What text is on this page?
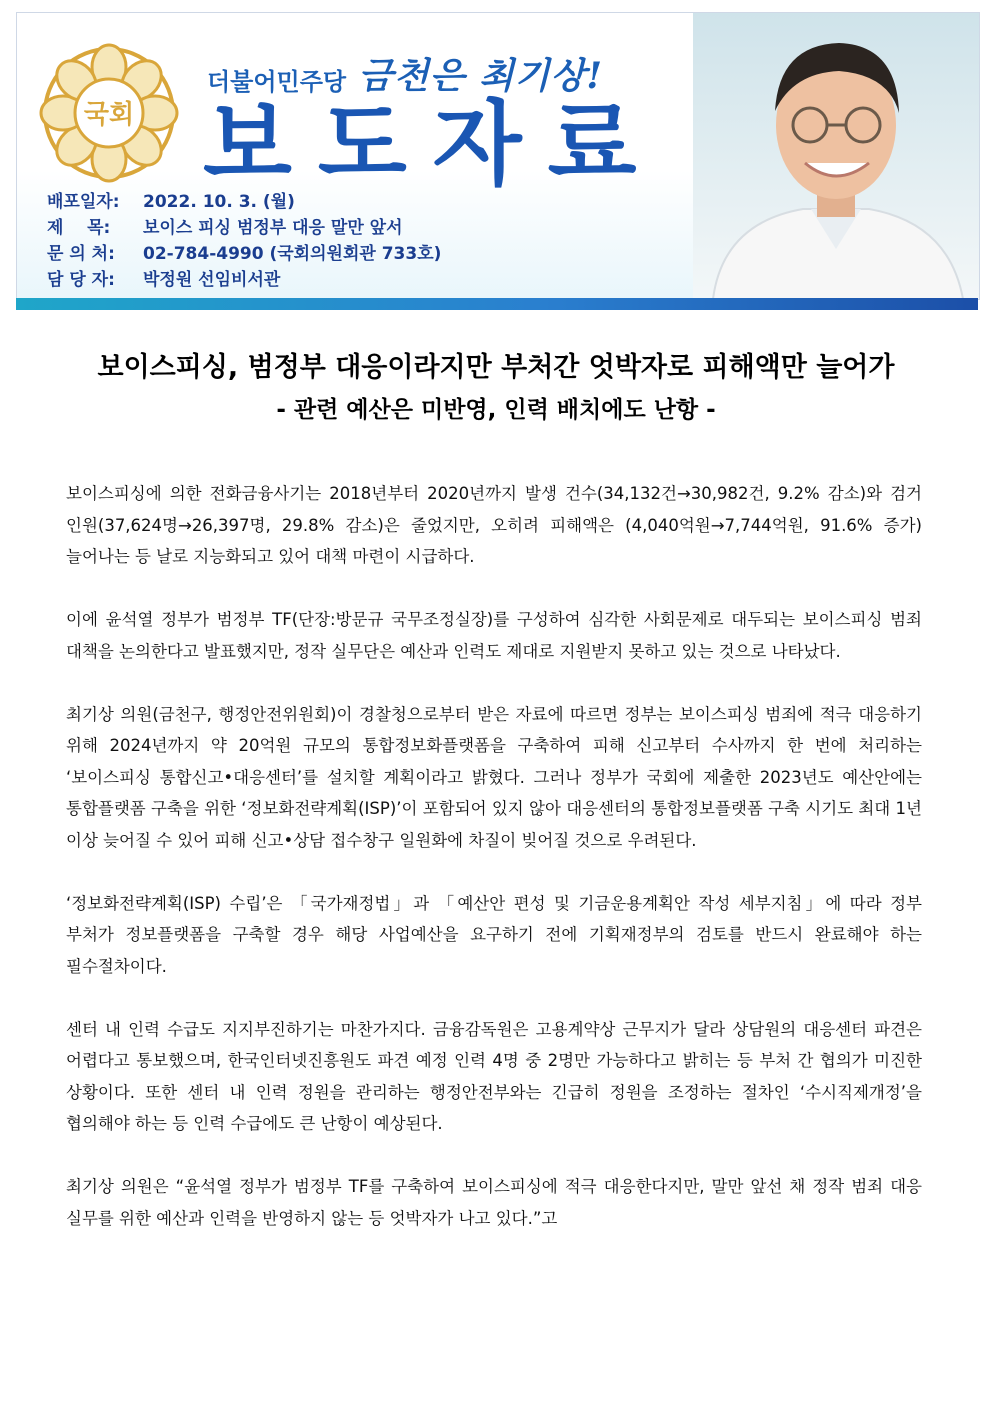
국회
더불어민주당 금천은 최기상!
보도자료
배포일자:	2022. 10. 3. (월)
제    목:	보이스 피싱 범정부 대응 말만 앞서
문 의 처:	02-784-4990 (국회의원회관 733호)
담 당 자:	박정원 선임비서관
보이스피싱, 범정부 대응이라지만 부처간 엇박자로 피해액만 늘어가
- 관련 예산은 미반영, 인력 배치에도 난항 -

보이스피싱에 의한 전화금융사기는 2018년부터 2020년까지 발생 건수(34,132건→30,982건, 9.2% 감소)와 검거 인원(37,624명→26,397명, 29.8% 감소)은 줄었지만, 오히려 피해액은 (4,040억원→7,744억원, 91.6% 증가) 늘어나는 등 날로 지능화되고 있어 대책 마련이 시급하다.

이에 윤석열 정부가 범정부 TF(단장:방문규 국무조정실장)를 구성하여 심각한 사회문제로 대두되는 보이스피싱 범죄 대책을 논의한다고 발표했지만, 정작 실무단은 예산과 인력도 제대로 지원받지 못하고 있는 것으로 나타났다.

최기상 의원(금천구, 행정안전위원회)이 경찰청으로부터 받은 자료에 따르면 정부는 보이스피싱 범죄에 적극 대응하기 위해 2024년까지 약 20억원 규모의 통합정보화플랫폼을 구축하여 피해 신고부터 수사까지 한 번에 처리하는 ‘보이스피싱 통합신고•대응센터’를 설치할 계획이라고 밝혔다. 그러나 정부가 국회에 제출한 2023년도 예산안에는 통합플랫폼 구축을 위한 ‘정보화전략계획(ISP)’이 포함되어 있지 않아 대응센터의 통합정보플랫폼 구축 시기도 최대 1년 이상 늦어질 수 있어 피해 신고•상담 접수창구 일원화에 차질이 빚어질 것으로 우려된다.

‘정보화전략계획(ISP) 수립’은 「국가재정법」과 「예산안 편성 및 기금운용계획안 작성 세부지침」에 따라 정부 부처가 정보플랫폼을 구축할 경우 해당 사업예산을 요구하기 전에 기획재정부의 검토를 반드시 완료해야 하는 필수절차이다.

센터 내 인력 수급도 지지부진하기는 마찬가지다. 금융감독원은 고용계약상 근무지가 달라 상담원의 대응센터 파견은 어렵다고 통보했으며, 한국인터넷진흥원도 파견 예정 인력 4명 중 2명만 가능하다고 밝히는 등 부처 간 협의가 미진한 상황이다. 또한 센터 내 인력 정원을 관리하는 행정안전부와는 긴급히 정원을 조정하는 절차인 ‘수시직제개정’을 협의해야 하는 등 인력 수급에도 큰 난항이 예상된다.

최기상 의원은 “윤석열 정부가 범정부 TF를 구축하여 보이스피싱에 적극 대응한다지만, 말만 앞선 채 정작 범죄 대응 실무를 위한 예산과 인력을 반영하지 않는 등 엇박자가 나고 있다.”고
